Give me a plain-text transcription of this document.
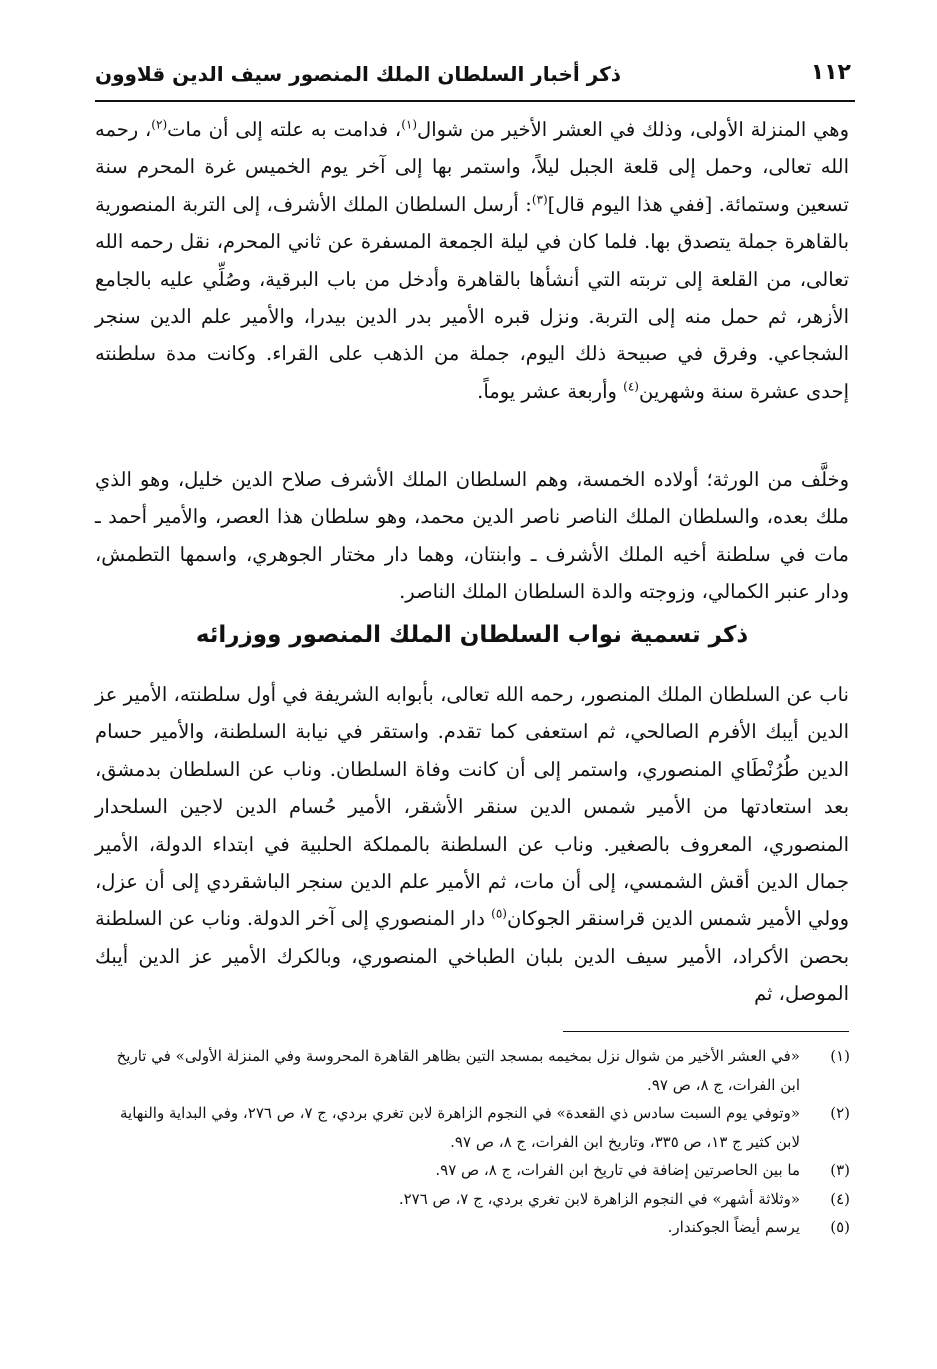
١١٢
ذكر أخبار السلطان الملك المنصور سيف الدين قلاوون

وهي المنزلة الأولى، وذلك في العشر الأخير من شوال$^{(١)}$، فدامت به علته إلى أن مات$^{(٢)}$، رحمه الله تعالى، وحمل إلى قلعة الجبل ليلاً، واستمر بها إلى آخر يوم الخميس غرة المحرم سنة تسعين وستمائة. [ففي هذا اليوم قال]$^{(٣)}$: أرسل السلطان الملك الأشرف، إلى التربة المنصورية بالقاهرة جملة يتصدق بها. فلما كان في ليلة الجمعة المسفرة عن ثاني المحرم، نقل رحمه الله تعالى، من القلعة إلى تربته التي أنشأها بالقاهرة وأدخل من باب البرقية، وصُلِّي عليه بالجامع الأزهر، ثم حمل منه إلى التربة. ونزل قبره الأمير بدر الدين بيدرا، والأمير علم الدين سنجر الشجاعي. وفرق في صبيحة ذلك اليوم، جملة من الذهب على القراء. وكانت مدة سلطنته إحدى عشرة سنة وشهرين$^{(٤)}$ وأربعة عشر يوماً.

وخلَّف من الورثة؛ أولاده الخمسة، وهم السلطان الملك الأشرف صلاح الدين خليل، وهو الذي ملك بعده، والسلطان الملك الناصر ناصر الدين محمد، وهو سلطان هذا العصر، والأمير أحمد ـ مات في سلطنة أخيه الملك الأشرف ـ وابنتان، وهما دار مختار الجوهري، واسمها التطمش، ودار عنبر الكمالي، وزوجته والدة السلطان الملك الناصر.

ذكر تسمية نواب السلطان الملك المنصور ووزرائه

ناب عن السلطان الملك المنصور، رحمه الله تعالى، بأبوابه الشريفة في أول سلطنته، الأمير عز الدين أيبك الأفرم الصالحي، ثم استعفى كما تقدم. واستقر في نيابة السلطنة، والأمير حسام الدين طُرُنْطَاي المنصوري، واستمر إلى أن كانت وفاة السلطان. وناب عن السلطان بدمشق، بعد استعادتها من الأمير شمس الدين سنقر الأشقر، الأمير حُسام الدين لاجين السلحدار المنصوري، المعروف بالصغير. وناب عن السلطنة بالمملكة الحلبية في ابتداء الدولة، الأمير جمال الدين أقش الشمسي، إلى أن مات، ثم الأمير علم الدين سنجر الباشقردي إلى أن عزل، وولي الأمير شمس الدين قراسنقر الجوكان$^{(٥)}$ دار المنصوري إلى آخر الدولة. وناب عن السلطنة بحصن الأكراد، الأمير سيف الدين بلبان الطباخي المنصوري، وبالكرك الأمير عز الدين أيبك الموصل، ثم

(١)
«في العشر الأخير من شوال نزل بمخيمه بمسجد التين بظاهر القاهرة المحروسة وفي المنزلة الأولى» في تاريخ ابن الفرات، ج ٨، ص ٩٧.
(٢)
«وتوفي يوم السبت سادس ذي القعدة» في النجوم الزاهرة لابن تغري بردي، ج ٧، ص ٢٧٦، وفي البداية والنهاية لابن كثير ج ١٣، ص ٣٣٥، وتاريخ ابن الفرات، ج ٨، ص ٩٧.
(٣)
ما بين الحاصرتين إضافة في تاريخ ابن الفرات، ج ٨، ص ٩٧.
(٤)
«وثلاثة أشهر» في النجوم الزاهرة لابن تغري بردي، ج ٧، ص ٢٧٦.
(٥)
يرسم أيضاً الجوكندار.
